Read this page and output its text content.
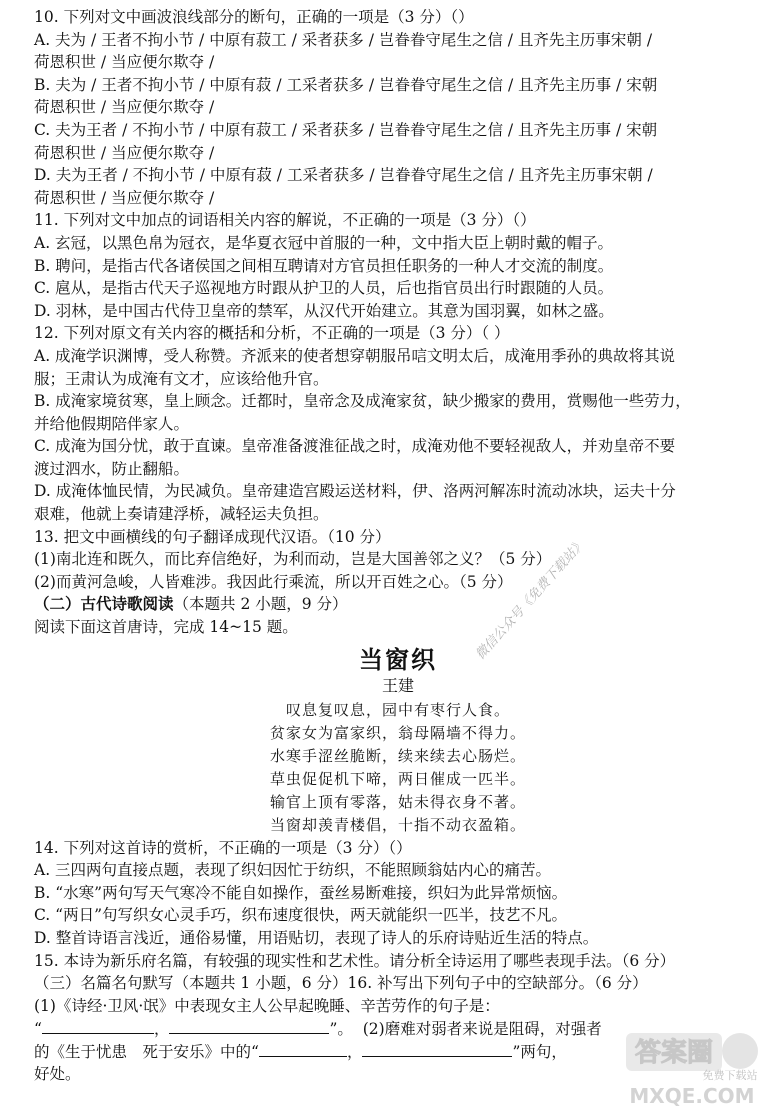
10. 下列对文中画波浪线部分的断句，正确的一项是（3 分）（）
A. 夫为 / 王者不拘小节 / 中原有菽工 / 采者获多 / 岂眷眷守尾生之信 / 且齐先主历事宋朝 /
荷恩积世 / 当应便尔欺夺 /
B. 夫为 / 王者不拘小节 / 中原有菽 / 工采者获多 / 岂眷眷守尾生之信 / 且齐先主历事 / 宋朝
荷恩积世 / 当应便尔欺夺 /
C. 夫为王者 / 不拘小节 / 中原有菽工 / 采者获多 / 岂眷眷守尾生之信 / 且齐先主历事 / 宋朝
荷恩积世 / 当应便尔欺夺 /
D. 夫为王者 / 不拘小节 / 中原有菽 / 工采者获多 / 岂眷眷守尾生之信 / 且齐先主历事宋朝 /
荷恩积世 / 当应便尔欺夺 /
11. 下列对文中加点的词语相关内容的解说，不正确的一项是（3 分）（）
A. 玄冠，以黑色帛为冠衣，是华夏衣冠中首服的一种，文中指大臣上朝时戴的帽子。
B. 聘问，是指古代各诸侯国之间相互聘请对方官员担任职务的一种人才交流的制度。
C. 扈从，是指古代天子巡视地方时跟从护卫的人员，后也指官员出行时跟随的人员。
D. 羽林，是中国古代侍卫皇帝的禁军，从汉代开始建立。其意为国羽翼，如林之盛。
12. 下列对原文有关内容的概括和分析，不正确的一项是（3 分）（ ）
A. 成淹学识渊博，受人称赞。齐派来的使者想穿朝服吊唁文明太后，成淹用季孙的典故将其说
服；王肃认为成淹有文才，应该给他升官。
B. 成淹家境贫寒，皇上顾念。迁都时，皇帝念及成淹家贫，缺少搬家的费用，赏赐他一些劳力，
并给他假期陪伴家人。
C. 成淹为国分忧，敢于直谏。皇帝准备渡淮征战之时，成淹劝他不要轻视敌人，并劝皇帝不要
渡过泗水，防止翻船。
D. 成淹体恤民情，为民减负。皇帝建造宫殿运送材料，伊、洛两河解冻时流动冰块，运夫十分
艰难，他就上奏请建浮桥，减轻运夫负担。
13. 把文中画横线的句子翻译成现代汉语。（10 分）
(1)南北连和既久，而比弃信绝好，为利而动，岂是大国善邻之义？（5 分）
(2)而黄河急峻，人皆难涉。我因此行乘流，所以开百姓之心。（5 分）
（二）古代诗歌阅读（本题共 2 小题，9 分）
阅读下面这首唐诗，完成 14~15 题。
当窗织
王建
叹息复叹息，园中有枣行人食。
贫家女为富家织，翁母隔墙不得力。
水寒手涩丝脆断，续来续去心肠烂。
草虫促促机下啼，两日催成一匹半。
输官上顶有零落，姑未得衣身不著。
当窗却羡青楼倡，十指不动衣盈箱。
14. 下列对这首诗的赏析，不正确的一项是（3 分）（）
A. 三四两句直接点题，表现了织妇因忙于纺织，不能照顾翁姑内心的痛苦。
B. “水寒”两句写天气寒冷不能自如操作，蚕丝易断难接，织妇为此异常烦恼。
C. “两日”句写织女心灵手巧，织布速度很快，两天就能织一匹半，技艺不凡。
D. 整首诗语言浅近，通俗易懂，用语贴切，表现了诗人的乐府诗贴近生活的特点。
15. 本诗为新乐府名篇，有较强的现实性和艺术性。请分析全诗运用了哪些表现手法。（6 分）
（三）名篇名句默写（本题共 1 小题，6 分）16. 补写出下列句子中的空缺部分。（6 分）
(1)《诗经·卫风·氓》中表现女主人公早起晚睡、辛苦劳作的句子是：
“	，	”。 (2)磨难对弱者来说是阻碍，对强者
的《生于忧患　死于安乐》中的“	，	”两句，
好处。
微信公众号《免费下载站》
答案圈
免费下载站
MXQE.COM
